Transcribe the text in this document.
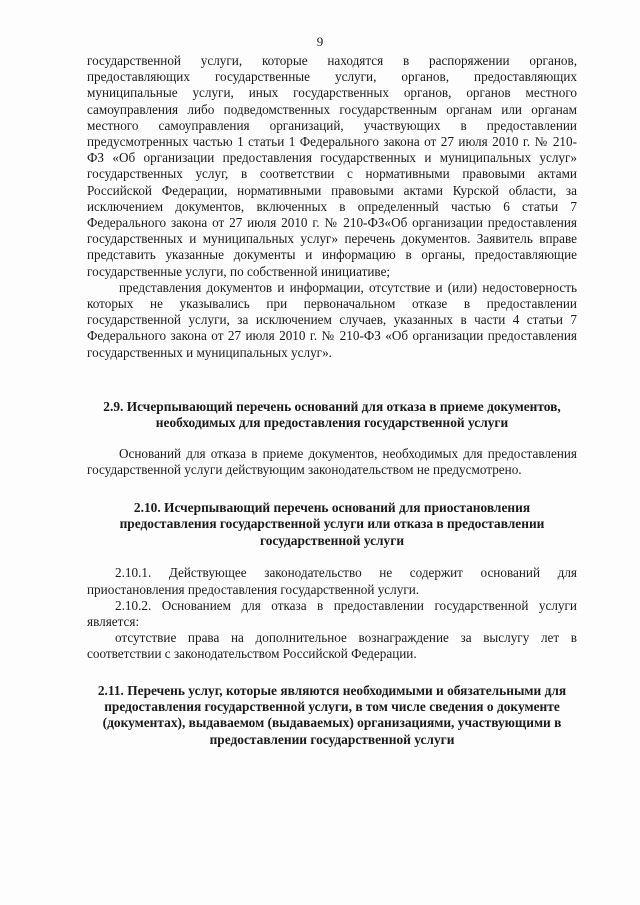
9

государственной услуги, которые находятся в распоряжении органов, предоставляющих государственные услуги, органов, предоставляющих муниципальные услуги, иных государственных органов, органов местного самоуправления либо подведомственных государственным органам или органам местного самоуправления организаций, участвующих в предоставлении предусмотренных частью 1 статьи 1 Федерального закона от 27 июля 2010 г. № 210-ФЗ «Об организации предоставления государственных и муниципальных услуг» государственных услуг, в соответствии с нормативными правовыми актами Российской Федерации, нормативными правовыми актами Курской области, за исключением документов, включенных в определенный частью 6 статьи 7 Федерального закона от 27 июля 2010 г. № 210-ФЗ«Об организации предоставления государственных и муниципальных услуг» перечень документов. Заявитель вправе представить указанные документы и информацию в органы, предоставляющие государственные услуги, по собственной инициативе;

представления документов и информации, отсутствие и (или) недостоверность которых не указывались при первоначальном отказе в предоставлении государственной услуги, за исключением случаев, указанных в части 4 статьи 7 Федерального закона от 27 июля 2010 г. № 210-ФЗ «Об организации предоставления государственных и муниципальных услуг».

2.9. Исчерпывающий перечень оснований для отказа в приеме документов, необходимых для предоставления государственной услуги

Оснований для отказа в приеме документов, необходимых для предоставления государственной услуги действующим законодательством не предусмотрено.

2.10. Исчерпывающий перечень оснований для приостановления предоставления государственной услуги или отказа в предоставлении государственной услуги

2.10.1. Действующее законодательство не содержит оснований для приостановления предоставления государственной услуги.

2.10.2. Основанием для отказа в предоставлении государственной услуги является:

отсутствие права на дополнительное вознаграждение за выслугу лет в соответствии с законодательством Российской Федерации.

2.11. Перечень услуг, которые являются необходимыми и обязательными для предоставления государственной услуги, в том числе сведения о документе (документах), выдаваемом (выдаваемых) организациями, участвующими в предоставлении государственной услуги
